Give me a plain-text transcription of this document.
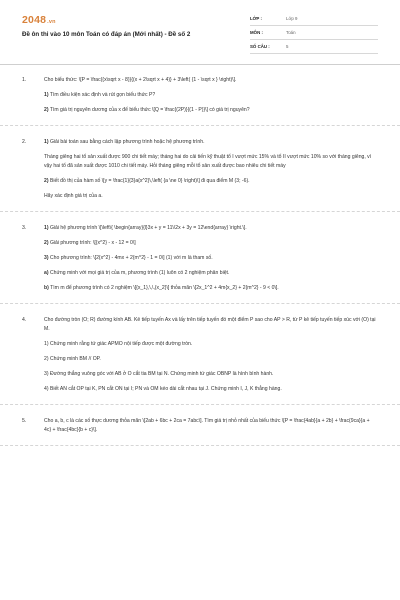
2048.vn
Đề ôn thi vào 10 môn Toán có đáp án (Mới nhất) - Đề số 2
LỚP :	Lớp 9
MÔN :	Toán
SỐ CÂU :	5
1.	Cho biểu thức: \[P = \frac{(x\sqrt x - 8)}{(x + 2\sqrt x + 4)} + 3\left( {1 - \sqrt x } \right)\].

1) Tìm điều kiện xác định và rút gọn biểu thức P?

2) Tìm giá trị nguyên dương của x để biểu thức \[Q = \frac{(2P)}{(1 - P)}\] có giá trị nguyên?

2.	1) Giải bài toán sau bằng cách lập phương trình hoặc hệ phương trình.

Tháng giêng hai tổ sản xuất được 900 chi tiết máy; tháng hai do cải tiến kỹ thuật tổ I vượt mức 15% và tổ II vượt mức 10% so với tháng giêng, vì vậy hai tổ đã sản xuất được 1010 chi tiết máy. Hỏi tháng giêng mỗi tổ sản xuất được bao nhiêu chi tiết máy

2) Biết đồ thị của hàm số \[y = \frac{1}{3}a{x^2}\,\left( {a \ne 0} \right)\] đi qua điểm M (3; -6).

Hãy xác định giá trị của a.

3.	1) Giải hệ phương trình \[\left\{ \begin{array}{l}3x + y = 11\\2x + 3y = 12\end{array} \right.\].

2) Giải phương trình: \[{x^2} - x - 12 = 0\]

3) Cho phương trình: \[2{x^2} - 4mx + 2{m^2} - 1 = 0\] (1) với m là tham số.

a) Chứng minh với mọi giá trị của m, phương trình (1) luôn có 2 nghiệm phân biệt.

b) Tìm m để phương trình có 2 nghiệm \[{x_1},\,\,{x_2}\] thỏa mãn \[2x_1^2 + 4m{x_2} + 2{m^2} - 9 < 0\].

4.	Cho đường tròn (O; R) đường kính AB. Kẻ tiếp tuyến Ax và lấy trên tiếp tuyến đó một điểm P sao cho AP > R, từ P kẻ tiếp tuyến tiếp xúc với (O) tại M.

1) Chứng minh rằng tứ giác APMO nội tiếp được một đường tròn.

2) Chứng minh BM // OP.

3) Đường thẳng vuông góc với AB ở O cắt tia BM tại N. Chứng minh tứ giác OBNP là hình bình hành.

4) Biết AN cắt OP tại K, PN cắt ON tại I; PN và OM kéo dài cắt nhau tại J. Chứng minh I, J, K thẳng hàng.

5.	Cho a, b, c là các số thực dương thỏa mãn \[2ab + 6bc + 2ca = 7abc\]. Tìm giá trị nhỏ nhất của biểu thức \[P = \frac{4ab}{a + 2b} + \frac{9ca}{a + 4c} + \frac{4bc}{b + c}\].
